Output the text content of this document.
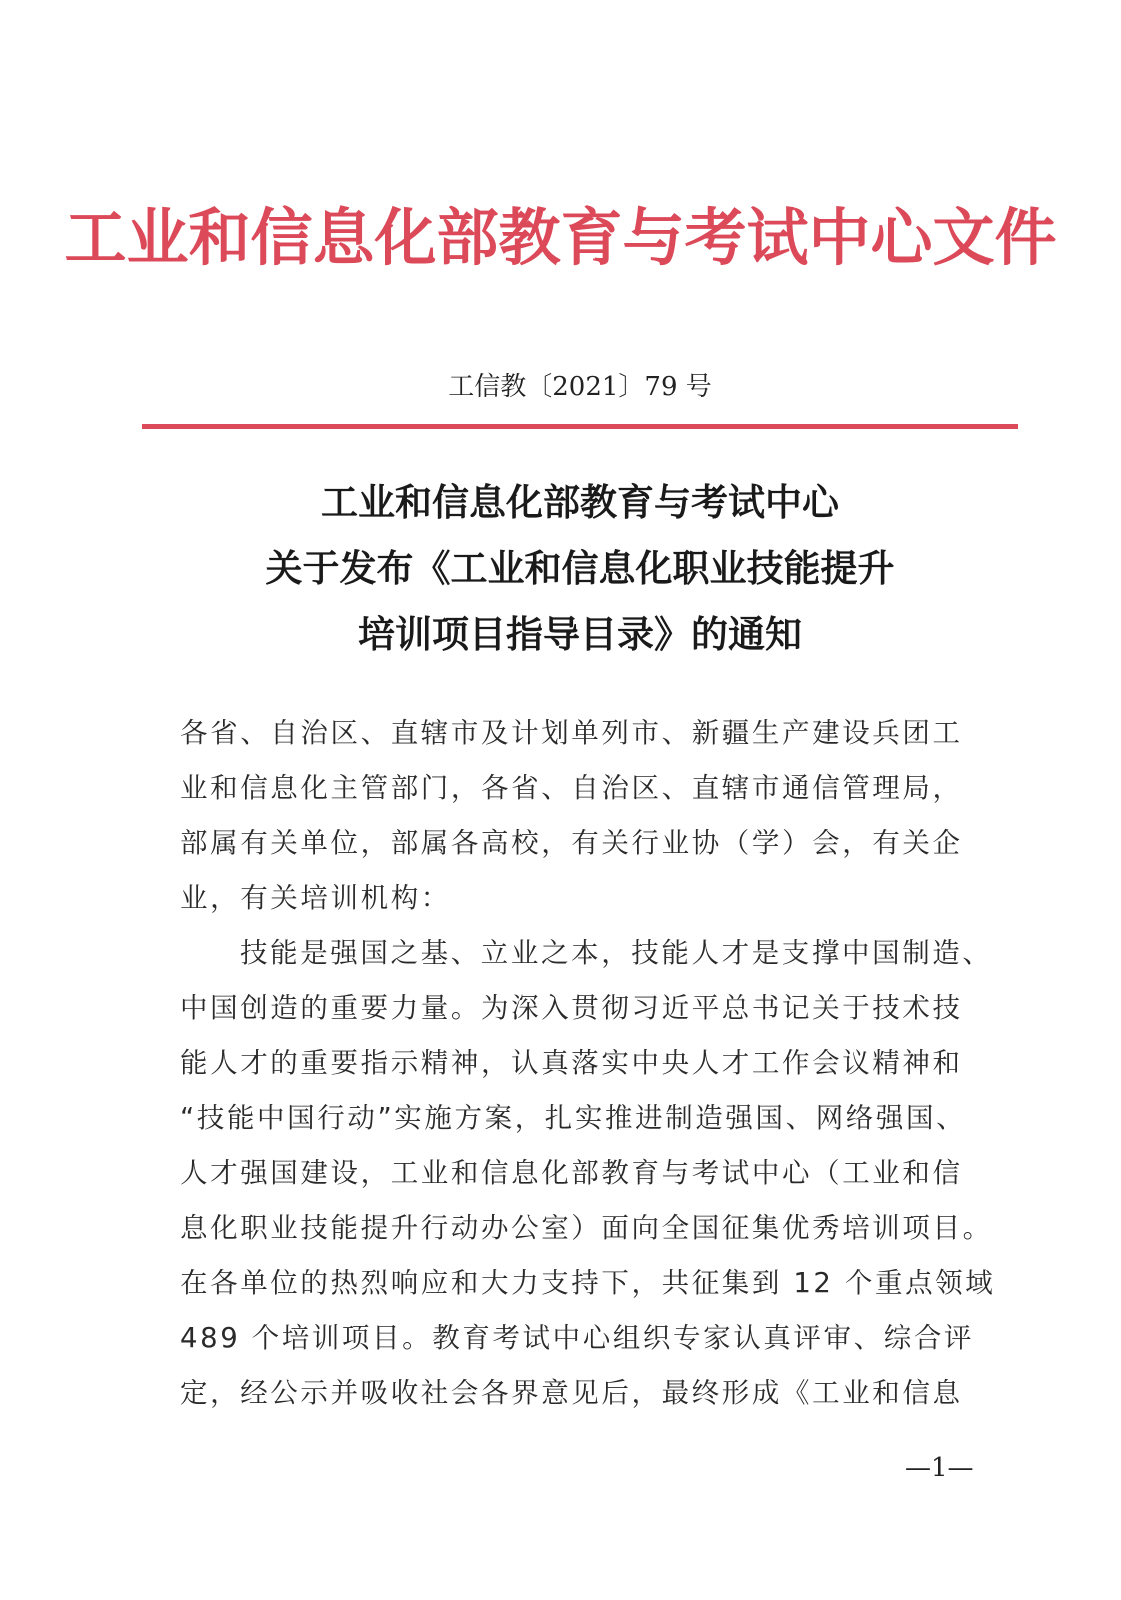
工业和信息化部教育与考试中心文件
工信教〔2021〕79 号
工业和信息化部教育与考试中心
关于发布《工业和信息化职业技能提升
培训项目指导目录》的通知
各省、自治区、直辖市及计划单列市、新疆生产建设兵团工
业和信息化主管部门，各省、自治区、直辖市通信管理局，
部属有关单位，部属各高校，有关行业协（学）会，有关企
业，有关培训机构：
技能是强国之基、立业之本，技能人才是支撑中国制造、
中国创造的重要力量。为深入贯彻习近平总书记关于技术技
能人才的重要指示精神，认真落实中央人才工作会议精神和
“技能中国行动”实施方案，扎实推进制造强国、网络强国、
人才强国建设，工业和信息化部教育与考试中心（工业和信
息化职业技能提升行动办公室）面向全国征集优秀培训项目。
在各单位的热烈响应和大力支持下，共征集到 12 个重点领域
489 个培训项目。教育考试中心组织专家认真评审、综合评
定，经公示并吸收社会各界意见后，最终形成《工业和信息
—1—
